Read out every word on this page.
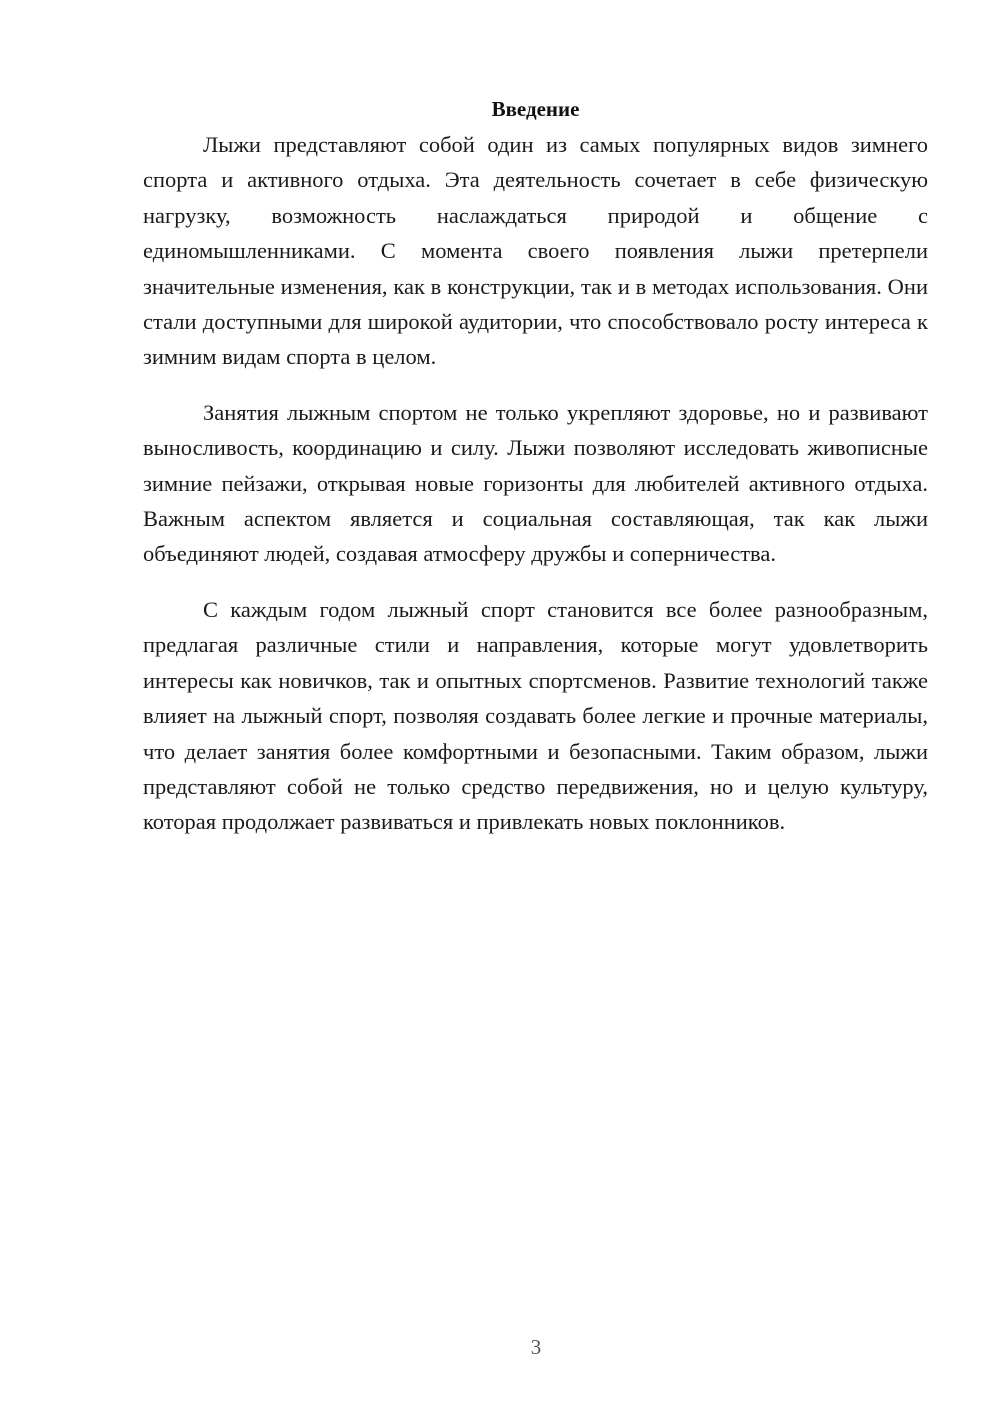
Введение

Лыжи представляют собой один из самых популярных видов зимнего спорта и активного отдыха. Эта деятельность сочетает в себе физическую нагрузку, возможность наслаждаться природой и общение с единомышленниками. С момента своего появления лыжи претерпели значительные изменения, как в конструкции, так и в методах использования. Они стали доступными для широкой аудитории, что способствовало росту интереса к зимним видам спорта в целом.

Занятия лыжным спортом не только укрепляют здоровье, но и развивают выносливость, координацию и силу. Лыжи позволяют исследовать живописные зимние пейзажи, открывая новые горизонты для любителей активного отдыха. Важным аспектом является и социальная составляющая, так как лыжи объединяют людей, создавая атмосферу дружбы и соперничества.

С каждым годом лыжный спорт становится все более разнообразным, предлагая различные стили и направления, которые могут удовлетворить интересы как новичков, так и опытных спортсменов. Развитие технологий также влияет на лыжный спорт, позволяя создавать более легкие и прочные материалы, что делает занятия более комфортными и безопасными. Таким образом, лыжи представляют собой не только средство передвижения, но и целую культуру, которая продолжает развиваться и привлекать новых поклонников.

3
